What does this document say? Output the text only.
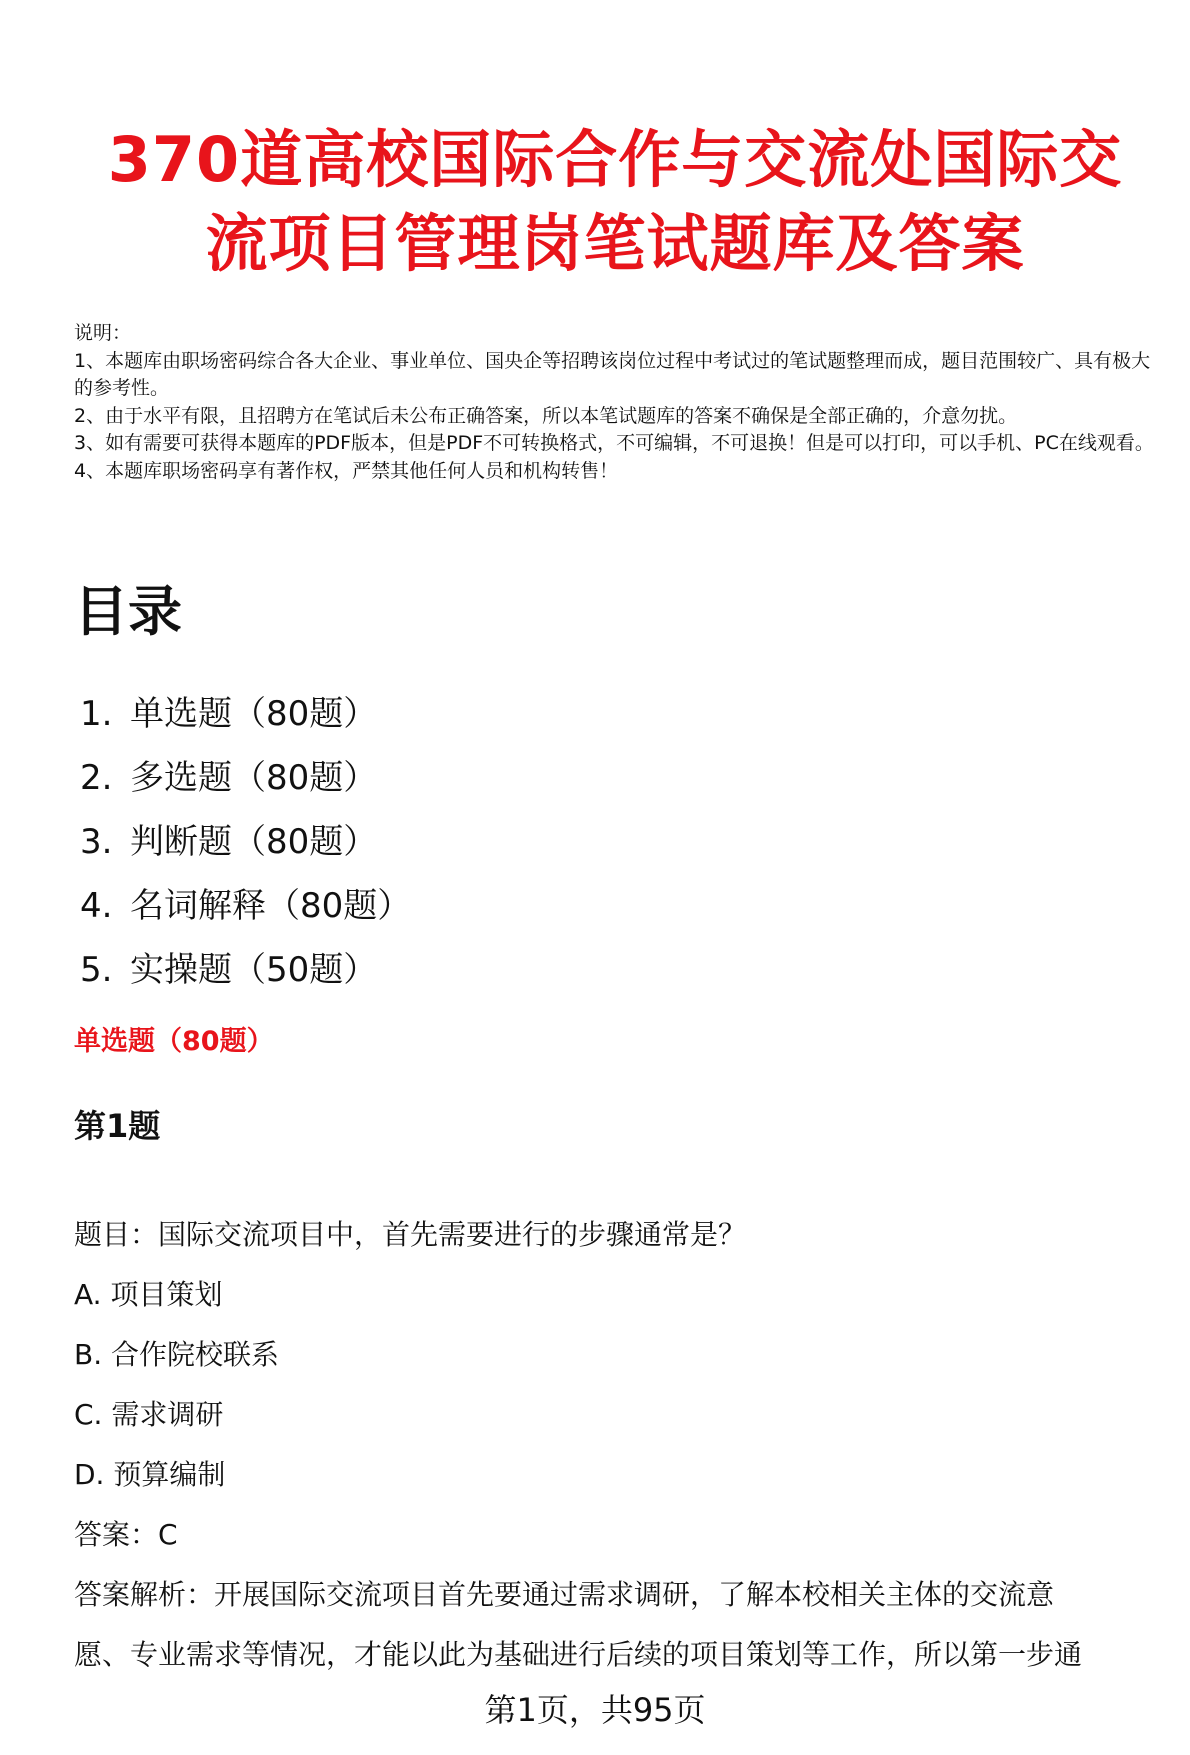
370道高校国际合作与交流处国际交
流项目管理岗笔试题库及答案
说明：
1、本题库由职场密码综合各大企业、事业单位、国央企等招聘该岗位过程中考试过的笔试题整理而成，题目范围较广、具有极大的参考性。
2、由于水平有限，且招聘方在笔试后未公布正确答案，所以本笔试题库的答案不确保是全部正确的，介意勿扰。
3、如有需要可获得本题库的PDF版本，但是PDF不可转换格式，不可编辑，不可退换！但是可以打印，可以手机、PC在线观看。
4、本题库职场密码享有著作权，严禁其他任何人员和机构转售！
目录
1. 单选题（80题）
2. 多选题（80题）
3. 判断题（80题）
4. 名词解释（80题）
5. 实操题（50题）
单选题（80题）
第1题
题目：国际交流项目中，首先需要进行的步骤通常是？
A. 项目策划
B. 合作院校联系
C. 需求调研
D. 预算编制
答案：C
答案解析：开展国际交流项目首先要通过需求调研，了解本校相关主体的交流意
愿、专业需求等情况，才能以此为基础进行后续的项目策划等工作，所以第一步通
第1页，共95页
